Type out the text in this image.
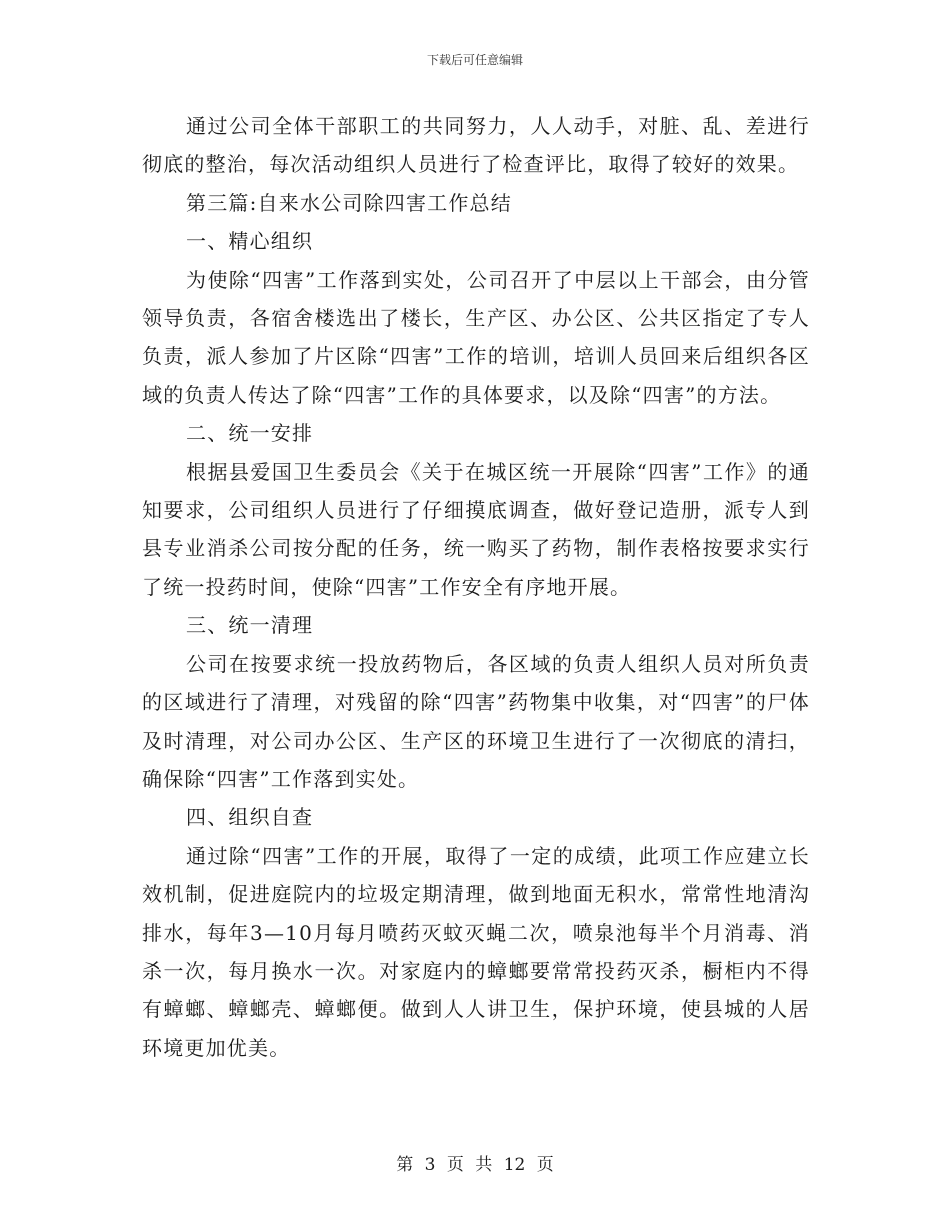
下载后可任意编辑

通过公司全体干部职工的共同努力，人人动手，对脏、乱、差进行彻底的整治，每次活动组织人员进行了检查评比，取得了较好的效果。

第三篇:自来水公司除四害工作总结

一、精心组织

为使除“四害”工作落到实处，公司召开了中层以上干部会，由分管领导负责，各宿舍楼选出了楼长，生产区、办公区、公共区指定了专人负责，派人参加了片区除“四害”工作的培训，培训人员回来后组织各区域的负责人传达了除“四害”工作的具体要求，以及除“四害”的方法。

二、统一安排

根据县爱国卫生委员会《关于在城区统一开展除“四害”工作》的通知要求，公司组织人员进行了仔细摸底调查，做好登记造册，派专人到县专业消杀公司按分配的任务，统一购买了药物，制作表格按要求实行了统一投药时间，使除“四害”工作安全有序地开展。

三、统一清理

公司在按要求统一投放药物后，各区域的负责人组织人员对所负责的区域进行了清理，对残留的除“四害”药物集中收集，对“四害”的尸体及时清理，对公司办公区、生产区的环境卫生进行了一次彻底的清扫，确保除“四害”工作落到实处。

四、组织自查

通过除“四害”工作的开展，取得了一定的成绩，此项工作应建立长效机制，促进庭院内的垃圾定期清理，做到地面无积水，常常性地清沟排水，每年3—10月每月喷药灭蚊灭蝇二次，喷泉池每半个月消毒、消杀一次，每月换水一次。对家庭内的蟑螂要常常投药灭杀，橱柜内不得有蟑螂、蟑螂壳、蟑螂便。做到人人讲卫生，保护环境，使县城的人居环境更加优美。

第 3 页 共 12 页
